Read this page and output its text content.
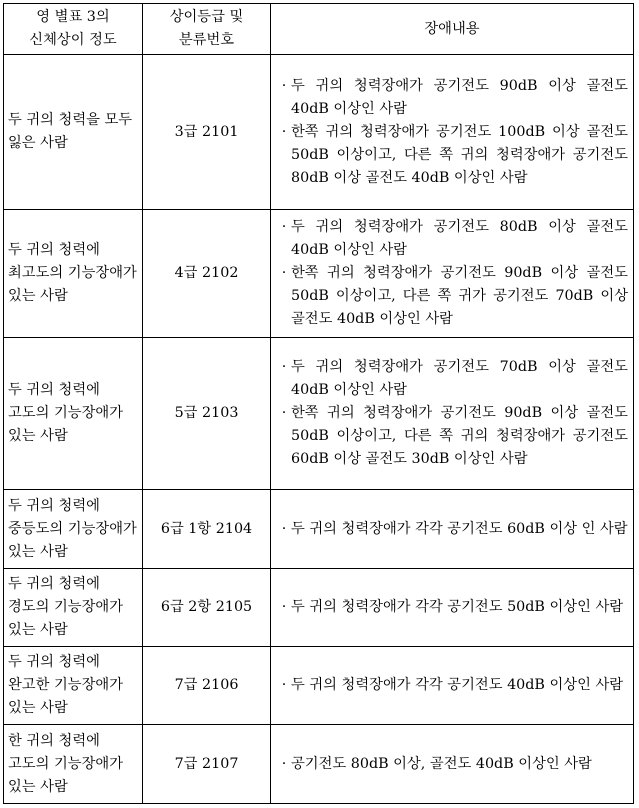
영 별표 3의 신체상이 정도	상이등급 및 분류번호	장애내용
두 귀의 청력을 모두 잃은 사람	3급 2101	· 두 귀의 청력장애가 공기전도 90dB 이상 골전도 40dB 이상인 사람
· 한쪽 귀의 청력장애가 공기전도 100dB 이상 골전도 50dB 이상이고, 다른 쪽 귀의 청력장애가 공기전도 80dB 이상 골전도 40dB 이상인 사람

두 귀의 청력에 최고도의 기능장애가 있는 사람	4급 2102	· 두 귀의 청력장애가 공기전도 80dB 이상 골전도 40dB 이상인 사람
· 한쪽 귀의 청력장애가 공기전도 90dB 이상 골전도 50dB 이상이고, 다른 쪽 귀가 공기전도 70dB 이상 골전도 40dB 이상인 사람

두 귀의 청력에 고도의 기능장애가 있는 사람	5급 2103	· 두 귀의 청력장애가 공기전도 70dB 이상 골전도 40dB 이상인 사람
· 한쪽 귀의 청력장애가 공기전도 90dB 이상 골전도 50dB 이상이고, 다른 쪽 귀의 청력장애가 공기전도 60dB 이상 골전도 30dB 이상인 사람

두 귀의 청력에 중등도의 기능장애가 있는 사람	6급 1항 2104	· 두 귀의 청력장애가 각각 공기전도 60dB 이상 인 사람

두 귀의 청력에 경도의 기능장애가 있는 사람	6급 2항 2105	· 두 귀의 청력장애가 각각 공기전도 50dB 이상인 사람

두 귀의 청력에 완고한 기능장애가 있는 사람	7급 2106	· 두 귀의 청력장애가 각각 공기전도 40dB 이상인 사람

한 귀의 청력에 고도의 기능장애가 있는 사람	7급 2107	· 공기전도 80dB 이상, 골전도 40dB 이상인 사람
